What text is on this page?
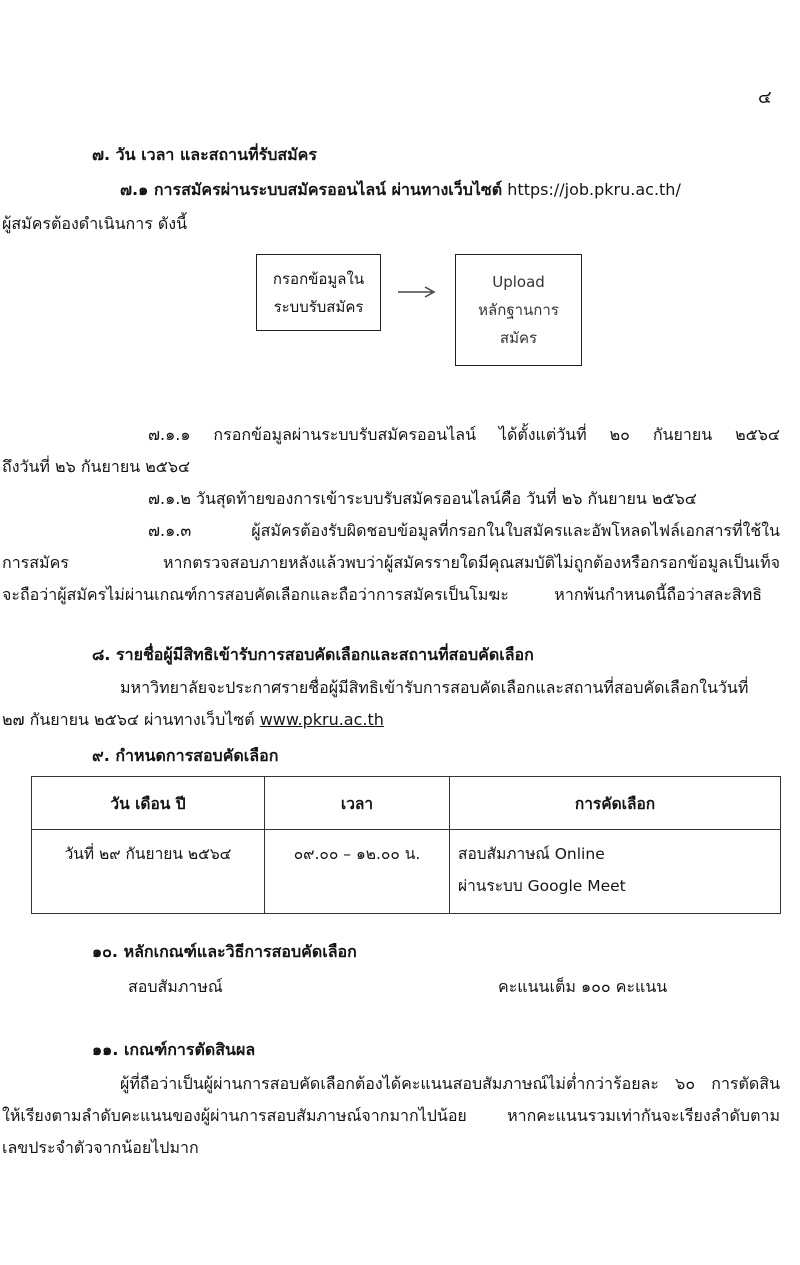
๔
๗. วัน เวลา และสถานที่รับสมัคร
๗.๑ การสมัครผ่านระบบสมัครออนไลน์ ผ่านทางเว็บไซต์ https://job.pkru.ac.th/
ผู้สมัครต้องดำเนินการ ดังนี้
กรอกข้อมูลใน
ระบบรับสมัคร
Upload
หลักฐานการ
สมัคร
๗.๑.๑ กรอกข้อมูลผ่านระบบรับสมัครออนไลน์ ได้ตั้งแต่วันที่ ๒๐ กันยายน ๒๕๖๔
ถึงวันที่ ๒๖ กันยายน ๒๕๖๔
๗.๑.๒ วันสุดท้ายของการเข้าระบบรับสมัครออนไลน์คือ วันที่ ๒๖ กันยายน ๒๕๖๔
๗.๑.๓ ผู้สมัครต้องรับผิดชอบข้อมูลที่กรอกในใบสมัครและอัพโหลดไฟล์เอกสารที่ใช้ใน
การสมัคร หากตรวจสอบภายหลังแล้วพบว่าผู้สมัครรายใดมีคุณสมบัติไม่ถูกต้องหรือกรอกข้อมูลเป็นเท็จ
จะถือว่าผู้สมัครไม่ผ่านเกณฑ์การสอบคัดเลือกและถือว่าการสมัครเป็นโมฆะ หากพ้นกำหนดนี้ถือว่าสละสิทธิ
๘. รายชื่อผู้มีสิทธิเข้ารับการสอบคัดเลือกและสถานที่สอบคัดเลือก
มหาวิทยาลัยจะประกาศรายชื่อผู้มีสิทธิเข้ารับการสอบคัดเลือกและสถานที่สอบคัดเลือกในวันที่
๒๗ กันยายน ๒๕๖๔ ผ่านทางเว็บไซต์ www.pkru.ac.th
๙. กำหนดการสอบคัดเลือก
วัน เดือน ปี	เวลา	การคัดเลือก
วันที่ ๒๙ กันยายน ๒๕๖๔	๐๙.๐๐ – ๑๒.๐๐ น.	สอบสัมภาษณ์ Online
ผ่านระบบ Google Meet
๑๐. หลักเกณฑ์และวิธีการสอบคัดเลือก
สอบสัมภาษณ์	คะแนนเต็ม ๑๐๐ คะแนน
๑๑. เกณฑ์การตัดสินผล
ผู้ที่ถือว่าเป็นผู้ผ่านการสอบคัดเลือกต้องได้คะแนนสอบสัมภาษณ์ไม่ต่ำกว่าร้อยละ ๖๐ การตัดสิน
ให้เรียงตามลำดับคะแนนของผู้ผ่านการสอบสัมภาษณ์จากมากไปน้อย หากคะแนนรวมเท่ากันจะเรียงลำดับตาม
เลขประจำตัวจากน้อยไปมาก
